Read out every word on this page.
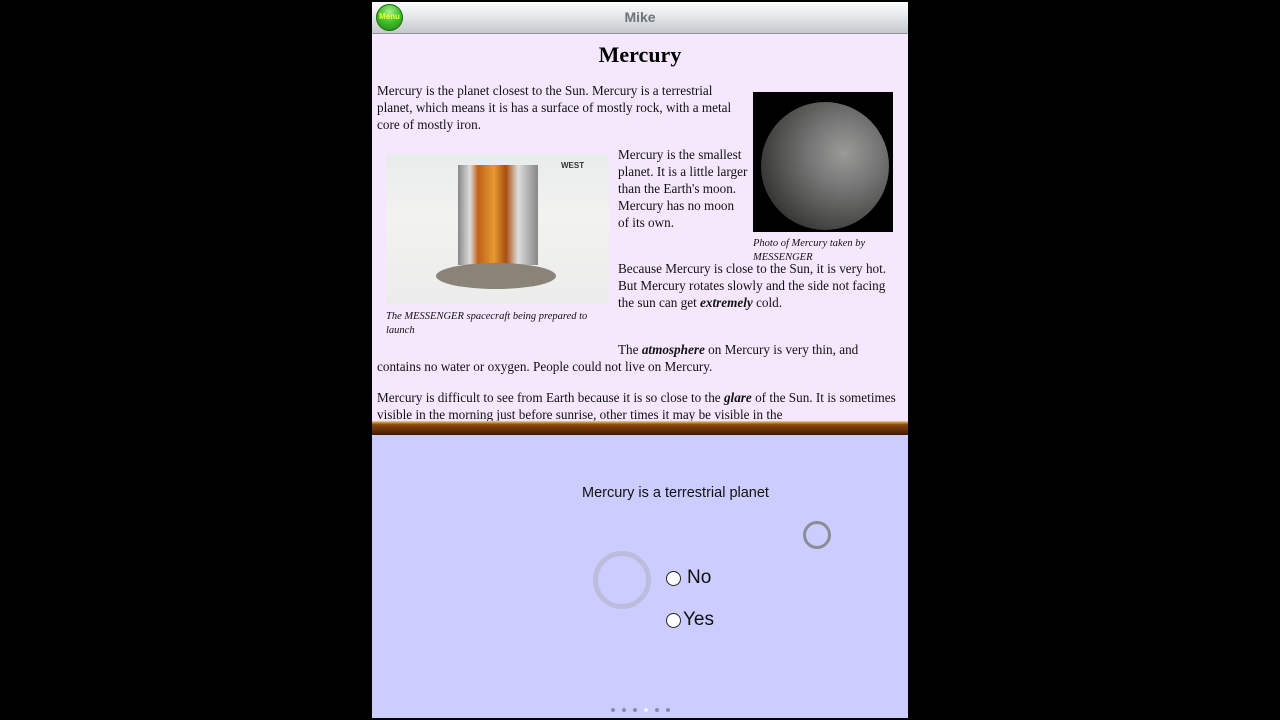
Menu	Mike
Mercury

Mercury is the planet closest to the Sun. Mercury is a terrestrial planet, which means it is has a surface of mostly rock, with a metal core of mostly iron.

Photo of Mercury taken by MESSENGER
WEST
The MESSENGER spacecraft being prepared to launch

Mercury is the smallest planet. It is a little larger than the Earth's moon. Mercury has no moon of its own.

Because Mercury is close to the Sun, it is very hot. But Mercury rotates slowly and the side not facing the sun can get extremely cold.

The atmosphere on Mercury is very thin, and contains no water or oxygen. People could not live on Mercury.

Mercury is difficult to see from Earth because it is so close to the glare of the Sun. It is sometimes visible in the morning just before sunrise, other times it may be visible in the

Mercury is a terrestrial planet
No
Yes
